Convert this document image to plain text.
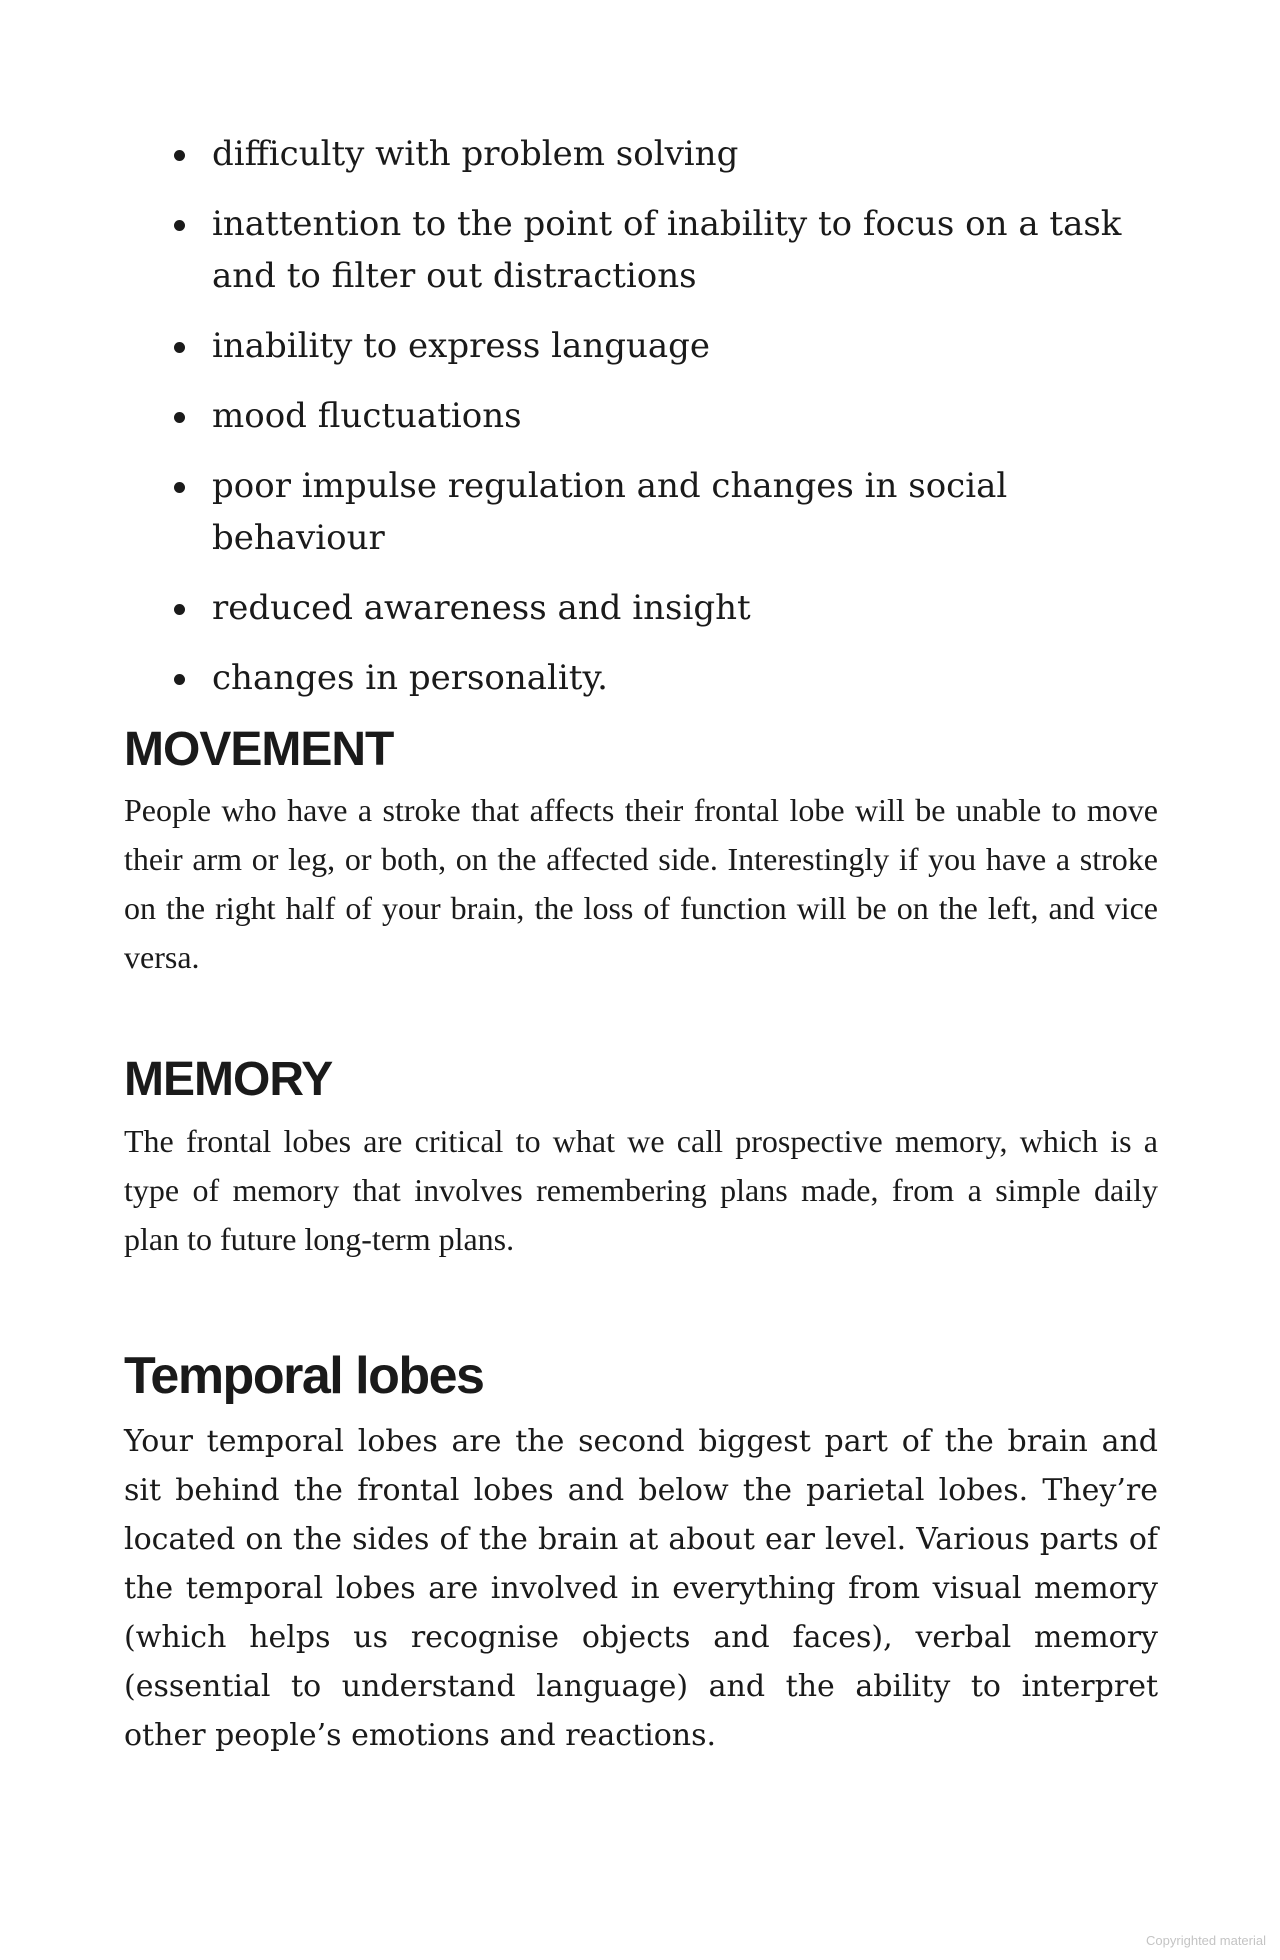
difficulty with problem solving
inattention to the point of inability to focus on a task and to filter out distractions
inability to express language
mood fluctuations
poor impulse regulation and changes in social behaviour
reduced awareness and insight
changes in personality.
MOVEMENT

People who have a stroke that affects their frontal lobe will be unable to move their arm or leg, or both, on the affected side. Interestingly if you have a stroke on the right half of your brain, the loss of function will be on the left, and vice versa.

MEMORY

The frontal lobes are critical to what we call prospective memory, which is a type of memory that involves remembering plans made, from a simple daily plan to future long-term plans.

Temporal lobes

Your temporal lobes are the second biggest part of the brain and sit behind the frontal lobes and below the parietal lobes. They’re located on the sides of the brain at about ear level. Various parts of the temporal lobes are involved in everything from visual memory (which helps us recognise objects and faces), verbal memory (essential to understand language) and the ability to interpret other people’s emotions and reactions.

Copyrighted material
